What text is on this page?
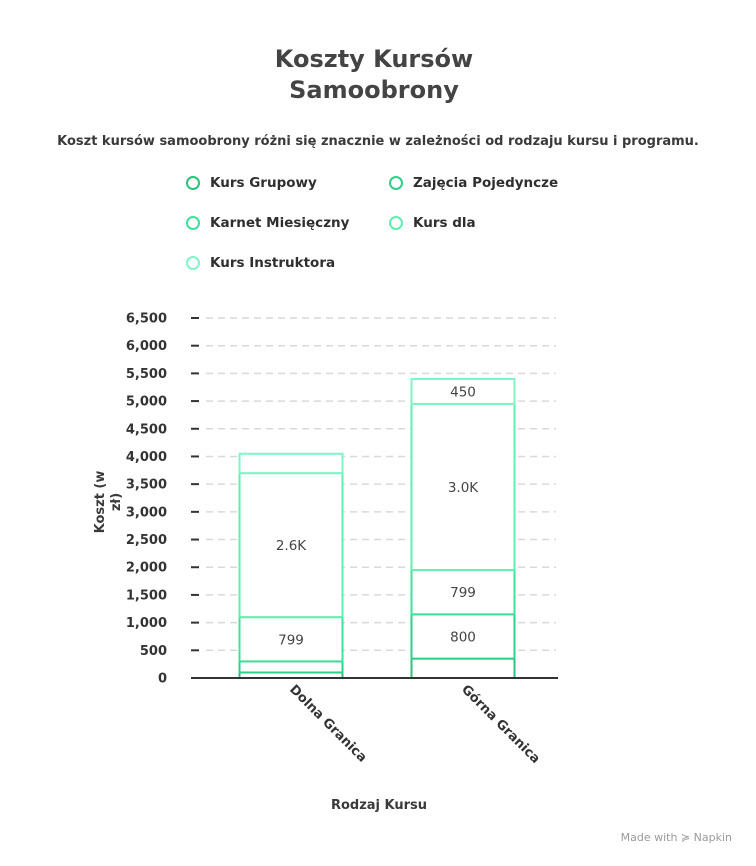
Koszty Kursów
Samoobrony
Koszt kursów samoobrony różni się znacznie w zależności od rodzaju kursu i programu.
Kurs Grupowy	Zajęcia Pojedyncze
Karnet Miesięczny	Kurs dla
Kurs Instruktora
0
500
1,000
1,500
2,000
2,500
3,000
3,500
4,000
4,500
5,000
5,500
6,000
6,500
799
2.6K
Dolna Granica
800
799
3.0K
450
Górna Granica
Rodzaj Kursu
Koszt (wzł)
Made with ≽ Napkin
